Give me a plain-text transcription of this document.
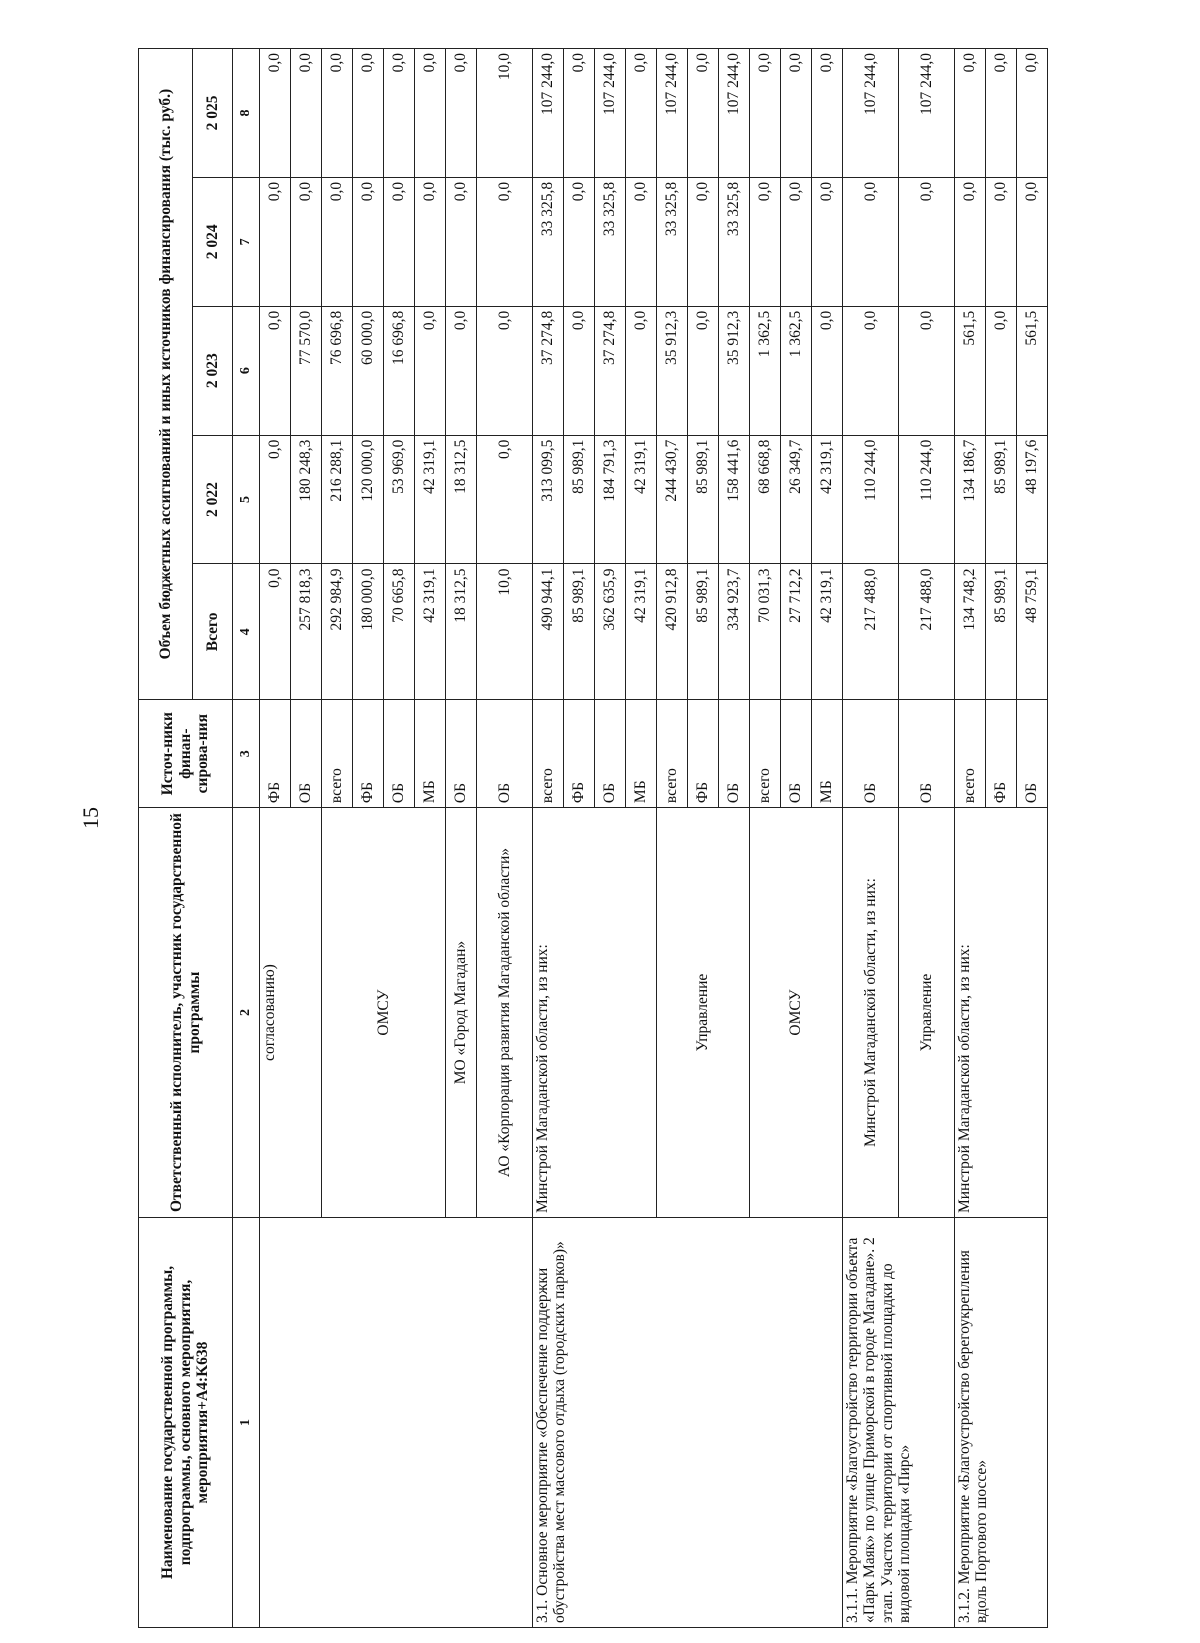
15
Наименование государственной программы, подпрограммы, основного мероприятия, мероприятия+A4:K638	Ответственный исполнитель, участник государственной программы	Источ-ники финан-сирова-ния	Объем бюджетных ассигнований и иных источников финансирования (тыс. руб.)				
			Всего	2 022	2 023	2 024	2 025
1	2	3	4	5	6	7	8
	согласованию)	ФБ	0,0	0,0	0,0	0,0	0,0
		ОБ	257 818,3	180 248,3	77 570,0	0,0	0,0
	ОМСУ	всего	292 984,9	216 288,1	76 696,8	0,0	0,0
		ФБ	180 000,0	120 000,0	60 000,0	0,0	0,0
		ОБ	70 665,8	53 969,0	16 696,8	0,0	0,0
		МБ	42 319,1	42 319,1	0,0	0,0	0,0
	МО «Город Магадан»	ОБ	18 312,5	18 312,5	0,0	0,0	0,0
	АО «Корпорация развития Магаданской области»	ОБ	10,0	0,0	0,0	0,0	10,0
3.1. Основное мероприятие «Обеспечение поддержки обустройства мест массового отдыха (городских парков)»	Минстрой Магаданской области, из них:	всего	490 944,1	313 099,5	37 274,8	33 325,8	107 244,0
		ФБ	85 989,1	85 989,1	0,0	0,0	0,0
		ОБ	362 635,9	184 791,3	37 274,8	33 325,8	107 244,0
		МБ	42 319,1	42 319,1	0,0	0,0	0,0
	Управление	всего	420 912,8	244 430,7	35 912,3	33 325,8	107 244,0
		ФБ	85 989,1	85 989,1	0,0	0,0	0,0
		ОБ	334 923,7	158 441,6	35 912,3	33 325,8	107 244,0
	ОМСУ	всего	70 031,3	68 668,8	1 362,5	0,0	0,0
		ОБ	27 712,2	26 349,7	1 362,5	0,0	0,0
		МБ	42 319,1	42 319,1	0,0	0,0	0,0
3.1.1. Мероприятие «Благоустройство территории объекта «Парк Маяк» по улице Приморской в городе Магадане». 2 этап. Участок территории от спортивной площадки до видовой площадки «Пирс»	Минстрой Магаданской области, из них:	ОБ	217 488,0	110 244,0	0,0	0,0	107 244,0
	Управление	ОБ	217 488,0	110 244,0	0,0	0,0	107 244,0
3.1.2. Мероприятие «Благоустройство берегоукрепления вдоль Портового шоссе»	Минстрой Магаданской области, из них:	всего	134 748,2	134 186,7	561,5	0,0	0,0
		ФБ	85 989,1	85 989,1	0,0	0,0	0,0
		ОБ	48 759,1	48 197,6	561,5	0,0	0,0
